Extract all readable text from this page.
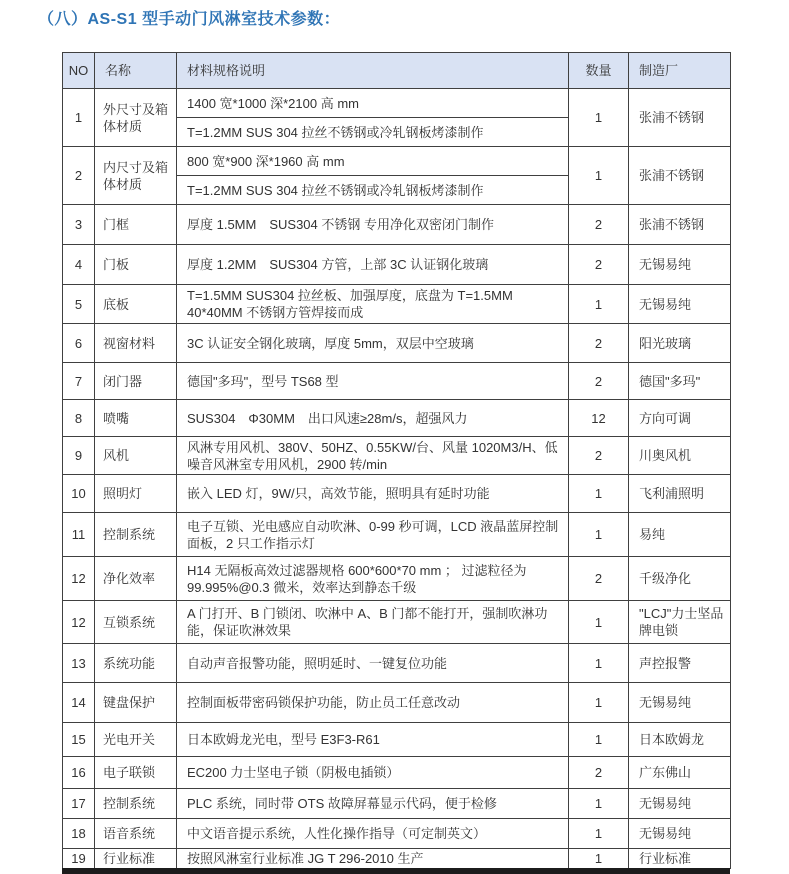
（八）AS-S1 型手动门风淋室技术参数：
NO	名称	材料规格说明	数量	制造厂
1	外尺寸及箱体材质	1400 宽*1000 深*2100 高 mm	1	张浦不锈钢
		T=1.2MM SUS 304 拉丝不锈钢或冷轧钢板烤漆制作		
2	内尺寸及箱体材质	800 宽*900 深*1960 高 mm	1	张浦不锈钢
		T=1.2MM SUS 304 拉丝不锈钢或冷轧钢板烤漆制作		
3	门框	厚度 1.5MM　SUS304 不锈钢 专用净化双密闭门制作	2	张浦不锈钢
4	门板	厚度 1.2MM　SUS304 方管，上部 3C 认证钢化玻璃	2	无锡易纯
5	底板	T=1.5MM SUS304 拉丝板、加强厚度，底盘为 T=1.5MM 40*40MM 不锈钢方管焊接而成	1	无锡易纯
6	视窗材料	3C 认证安全钢化玻璃，厚度 5mm，双层中空玻璃	2	阳光玻璃
7	闭门器	德国"多玛"，型号 TS68 型	2	德国"多玛"
8	喷嘴	SUS304　Φ30MM　出口风速≥28m/s，超强风力	12	方向可调
9	风机	风淋专用风机、380V、50HZ、0.55KW/台、风量 1020M3/H、低噪音风淋室专用风机，2900 转/min	2	川奥风机
10	照明灯	嵌入 LED 灯，9W/只，高效节能，照明具有延时功能	1	飞利浦照明
11	控制系统	电子互锁、光电感应自动吹淋、0-99 秒可调，LCD 液晶蓝屏控制面板，2 只工作指示灯	1	易纯
12	净化效率	H14 无隔板高效过滤器规格 600*600*70 mm ； 过滤粒径为 99.995%@0.3 微米，效率达到静态千级	2	千级净化
12	互锁系统	A 门打开、B 门锁闭、吹淋中 A、B 门都不能打开，强制吹淋功能，保证吹淋效果	1	"LCJ"力士坚品牌电锁
13	系统功能	自动声音报警功能，照明延时、一键复位功能	1	声控报警
14	键盘保护	控制面板带密码锁保护功能，防止员工任意改动	1	无锡易纯
15	光电开关	日本欧姆龙光电，型号 E3F3-R61	1	日本欧姆龙
16	电子联锁	EC200 力士坚电子锁（阴极电插锁）	2	广东佛山
17	控制系统	PLC 系统，同时带 OTS 故障屏幕显示代码，便于检修	1	无锡易纯
18	语音系统	中文语音提示系统，人性化操作指导（可定制英文）	1	无锡易纯
19	行业标准	按照风淋室行业标准 JG T 296-2010 生产	1	行业标准
